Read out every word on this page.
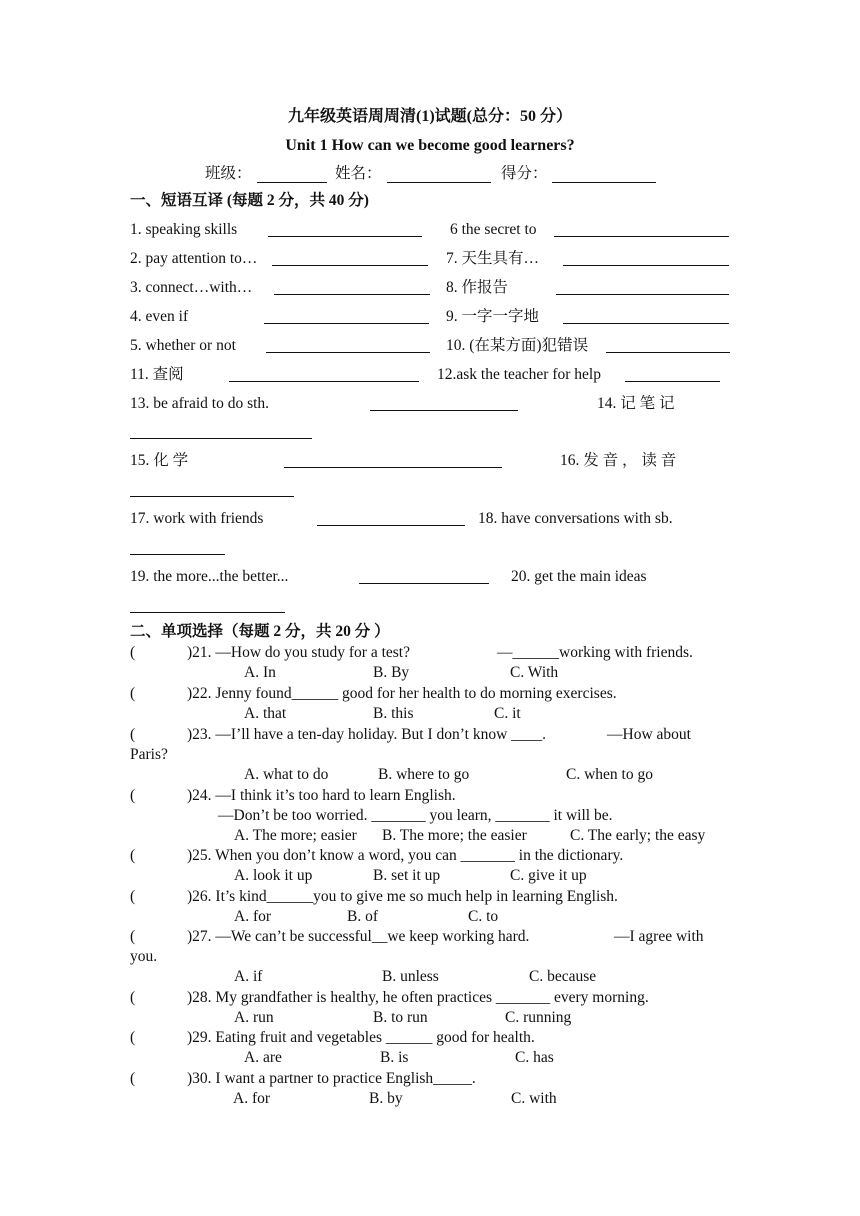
九年级英语周周清(1)试题(总分：50 分）
Unit 1 How can we become good learners?
班级：	姓名：	得分：
一、短语互译 (每题 2 分，共 40 分)
1. speaking skills	6 the secret to
2. pay attention to…	7. 天生具有…
3. connect…with…	8. 作报告
4. even if	9. 一字一字地
5. whether or not	10. (在某方面)犯错误
11. 查阅	12.ask the teacher for help
13. be afraid to do sth.	14. 记 笔 记
15. 化 学	16. 发 音 ， 读 音
17. work with friends	18. have conversations with sb.
19. the more...the better...	20. get the main ideas
二、单项选择（每题 2 分，共 20 分 ）
(	)21. —How do you study for a test?	—______working with friends.
A. In	B. By	C. With
(	)22. Jenny found______ good for her health to do morning exercises.
A. that	B. this	C. it
(	)23. —I’ll have a ten-day holiday. But I don’t know ____.	—How about
Paris?
A. what to do	B. where to go	C. when to go
(	)24. —I think it’s too hard to learn English.
—Don’t be too worried. _______ you learn, _______ it will be.
A. The more; easier B. The more; the easier	C. The early; the easy
(	)25. When you don’t know a word, you can _______ in the dictionary.
A. look it up	B. set it up	C. give it up
(	)26. It’s kind______you to give me so much help in learning English.
A. for	B. of	C. to
(	)27. —We can’t be successful__we keep working hard.	—I agree with
you.
A. if	B. unless	C. because
(	)28. My grandfather is healthy, he often practices _______ every morning.
A. run	B. to run	C. running
(	)29. Eating fruit and vegetables ______ good for health.
A. are	B. is	C. has
(	)30. I want a partner to practice English_____.
A. for	B. by	C. with
